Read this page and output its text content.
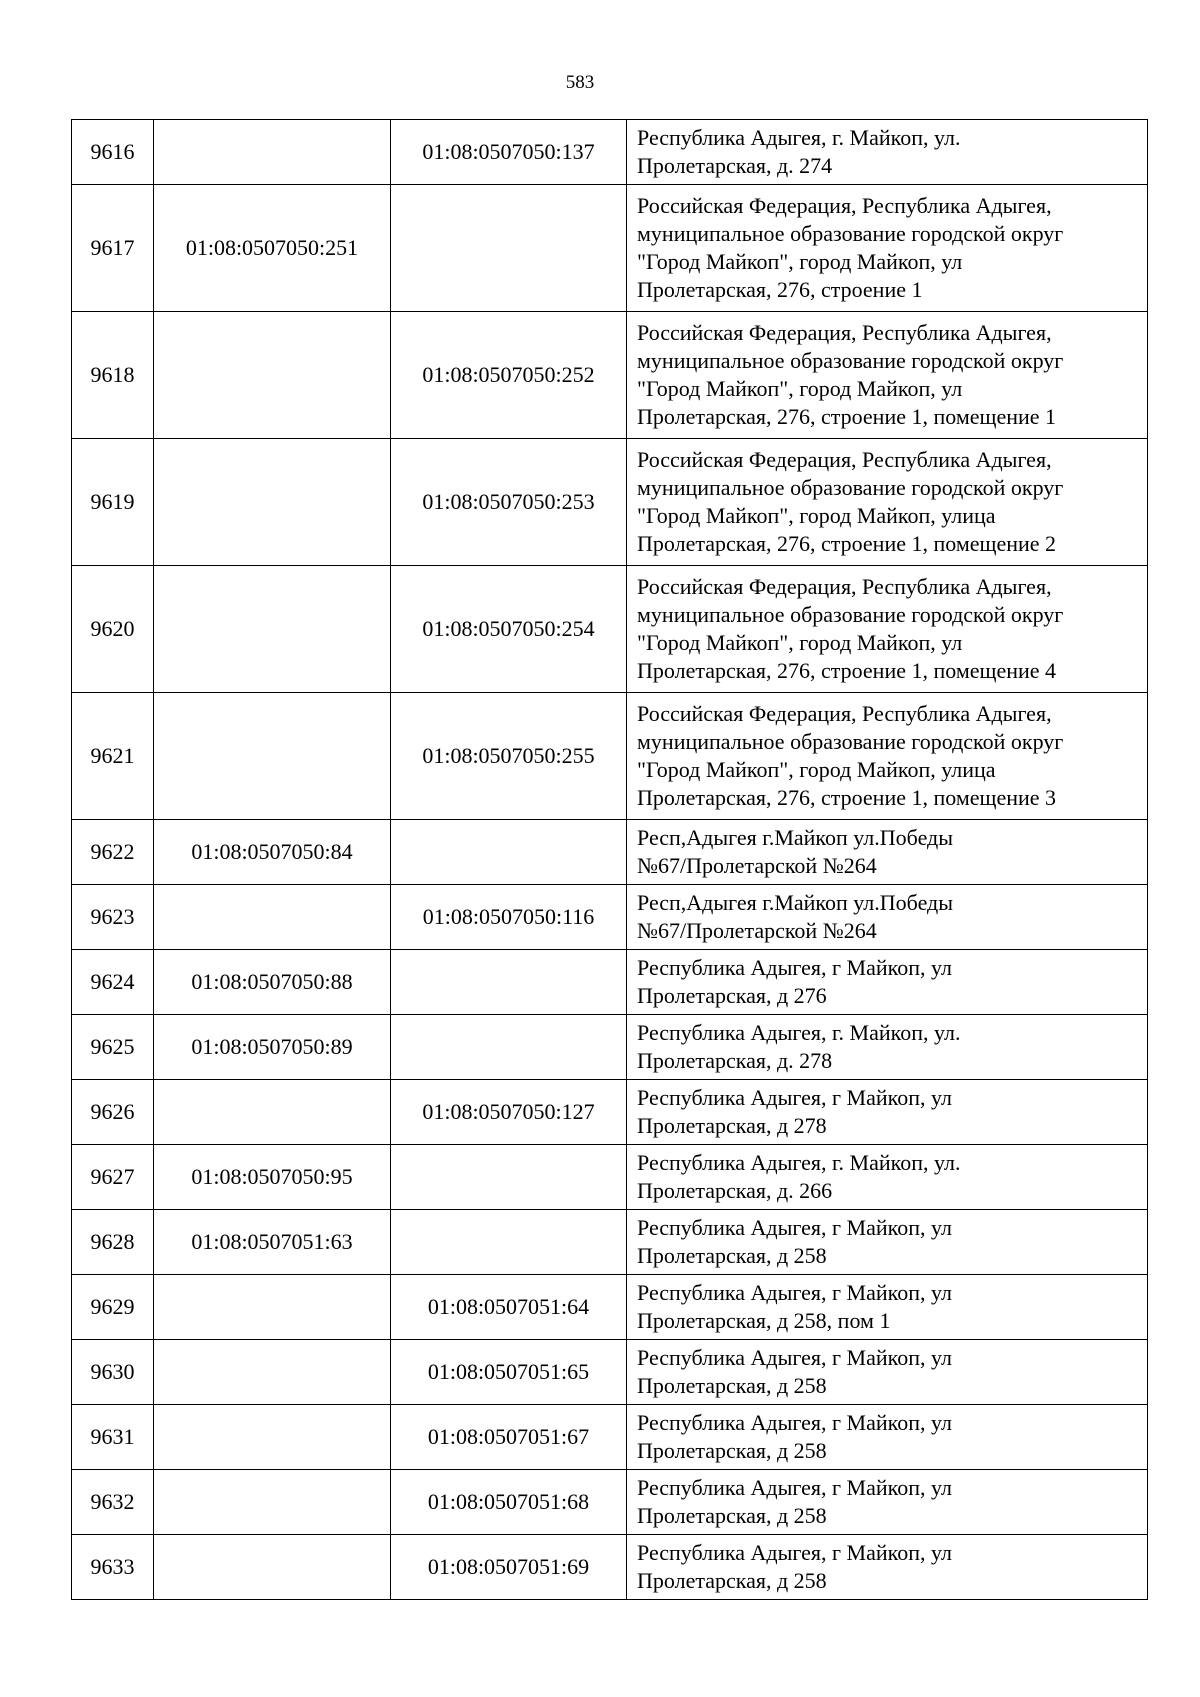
583
9616		01:08:0507050:137	Республика Адыгея, г. Майкоп, ул.
Пролетарская, д. 274
9617	01:08:0507050:251		Российская Федерация, Республика Адыгея,
муниципальное образование городской округ
"Город Майкоп", город Майкоп, ул
Пролетарская, 276, строение 1
9618		01:08:0507050:252	Российская Федерация, Республика Адыгея,
муниципальное образование городской округ
"Город Майкоп", город Майкоп, ул
Пролетарская, 276, строение 1, помещение 1
9619		01:08:0507050:253	Российская Федерация, Республика Адыгея,
муниципальное образование городской округ
"Город Майкоп", город Майкоп, улица
Пролетарская, 276, строение 1, помещение 2
9620		01:08:0507050:254	Российская Федерация, Республика Адыгея,
муниципальное образование городской округ
"Город Майкоп", город Майкоп, ул
Пролетарская, 276, строение 1, помещение 4
9621		01:08:0507050:255	Российская Федерация, Республика Адыгея,
муниципальное образование городской округ
"Город Майкоп", город Майкоп, улица
Пролетарская, 276, строение 1, помещение 3
9622	01:08:0507050:84		Респ,Адыгея г.Майкоп ул.Победы
№67/Пролетарской №264
9623		01:08:0507050:116	Респ,Адыгея г.Майкоп ул.Победы
№67/Пролетарской №264
9624	01:08:0507050:88		Республика Адыгея, г Майкоп, ул
Пролетарская, д 276
9625	01:08:0507050:89		Республика Адыгея, г. Майкоп, ул.
Пролетарская, д. 278
9626		01:08:0507050:127	Республика Адыгея, г Майкоп, ул
Пролетарская, д 278
9627	01:08:0507050:95		Республика Адыгея, г. Майкоп, ул.
Пролетарская, д. 266
9628	01:08:0507051:63		Республика Адыгея, г Майкоп, ул
Пролетарская, д 258
9629		01:08:0507051:64	Республика Адыгея, г Майкоп, ул
Пролетарская, д 258, пом 1
9630		01:08:0507051:65	Республика Адыгея, г Майкоп, ул
Пролетарская, д 258
9631		01:08:0507051:67	Республика Адыгея, г Майкоп, ул
Пролетарская, д 258
9632		01:08:0507051:68	Республика Адыгея, г Майкоп, ул
Пролетарская, д 258
9633		01:08:0507051:69	Республика Адыгея, г Майкоп, ул
Пролетарская, д 258
